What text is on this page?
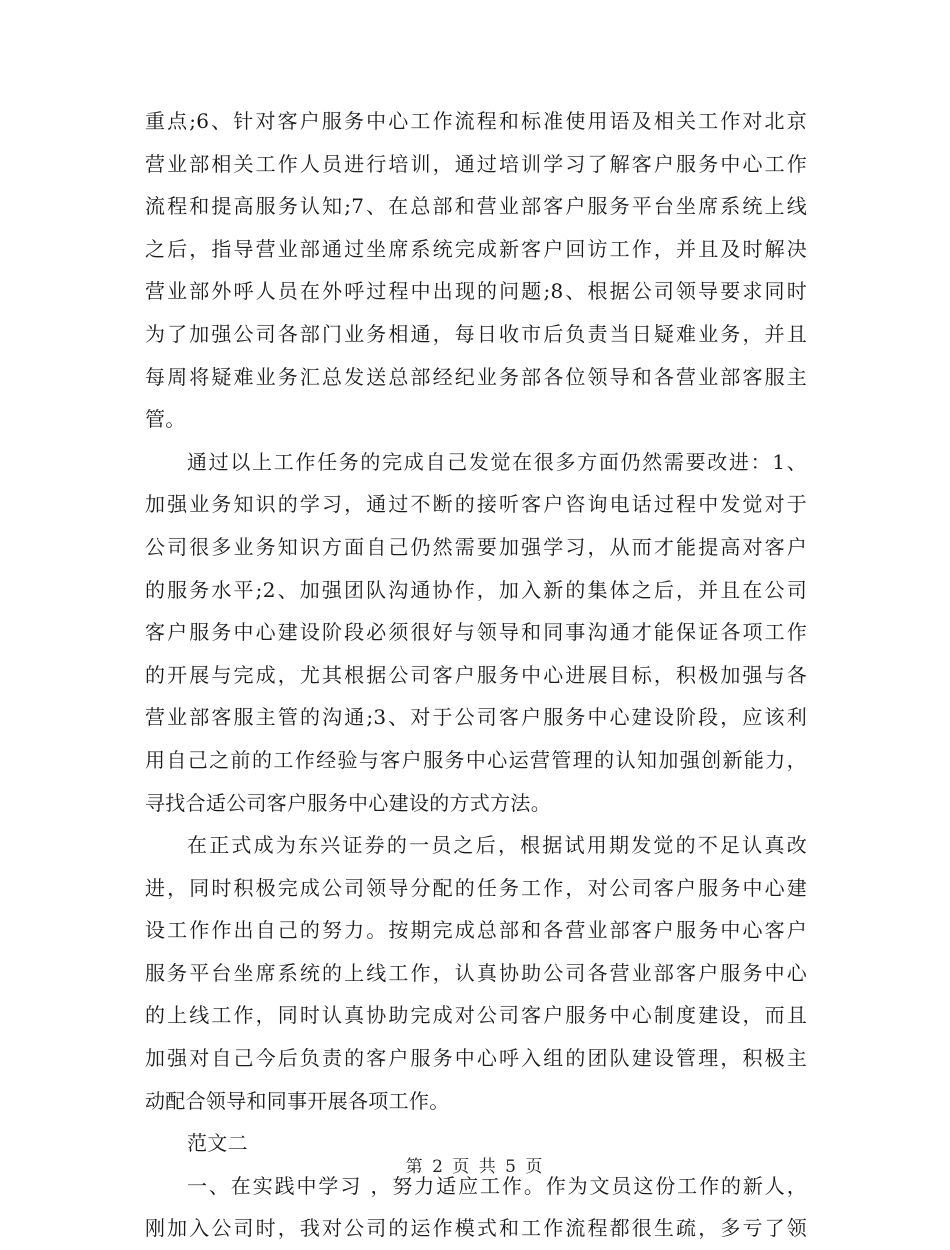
重点;6、针对客户服务中心工作流程和标准使用语及相关工作对北京
营业部相关工作人员进行培训，通过培训学习了解客户服务中心工作
流程和提高服务认知;7、在总部和营业部客户服务平台坐席系统上线
之后，指导营业部通过坐席系统完成新客户回访工作，并且及时解决
营业部外呼人员在外呼过程中出现的问题;8、根据公司领导要求同时
为了加强公司各部门业务相通，每日收市后负责当日疑难业务，并且
每周将疑难业务汇总发送总部经纪业务部各位领导和各营业部客服主
管。
通过以上工作任务的完成自己发觉在很多方面仍然需要改进：1、
加强业务知识的学习，通过不断的接听客户咨询电话过程中发觉对于
公司很多业务知识方面自己仍然需要加强学习，从而才能提高对客户
的服务水平;2、加强团队沟通协作，加入新的集体之后，并且在公司
客户服务中心建设阶段必须很好与领导和同事沟通才能保证各项工作
的开展与完成，尤其根据公司客户服务中心进展目标，积极加强与各
营业部客服主管的沟通;3、对于公司客户服务中心建设阶段，应该利
用自己之前的工作经验与客户服务中心运营管理的认知加强创新能力，
寻找合适公司客户服务中心建设的方式方法。
在正式成为东兴证券的一员之后，根据试用期发觉的不足认真改
进，同时积极完成公司领导分配的任务工作，对公司客户服务中心建
设工作作出自己的努力。按期完成总部和各营业部客户服务中心客户
服务平台坐席系统的上线工作，认真协助公司各营业部客户服务中心
的上线工作，同时认真协助完成对公司客户服务中心制度建设，而且
加强对自己今后负责的客户服务中心呼入组的团队建设管理，积极主
动配合领导和同事开展各项工作。
范文二
一、在实践中学习 ，努力适应工作。作为文员这份工作的新人，
刚加入公司时，我对公司的运作模式和工作流程都很生疏，多亏了领
第 2 页 共 5 页
